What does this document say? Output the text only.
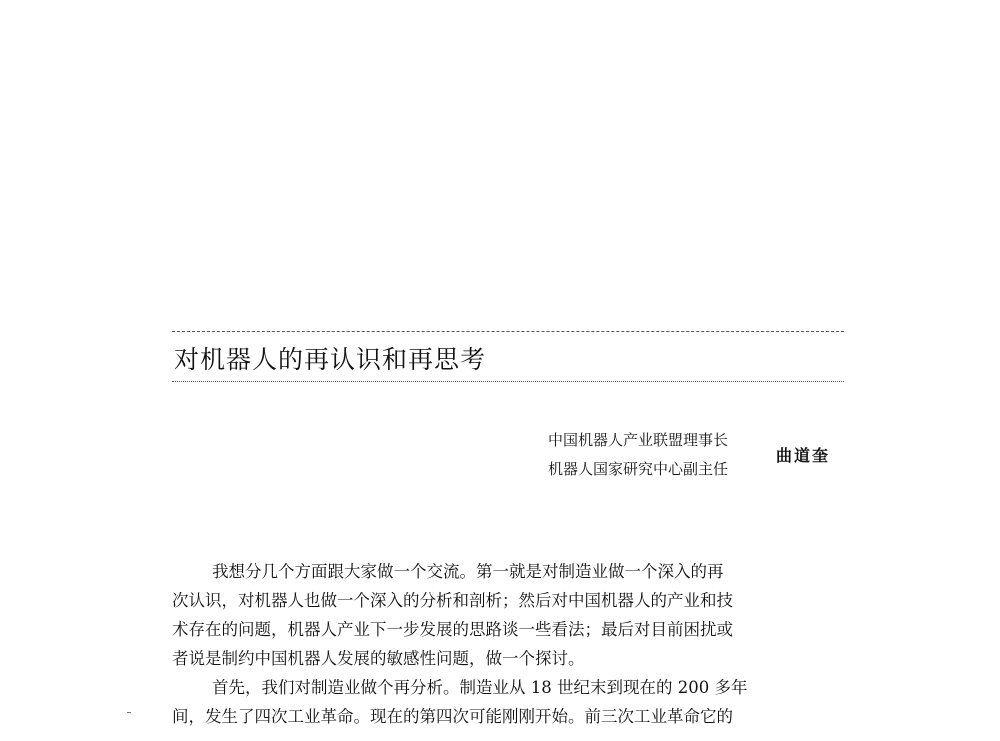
对机器人的再认识和再思考
中国机器人产业联盟理事长
机器人国家研究中心副主任
曲道奎
我想分几个方面跟大家做一个交流。第一就是对制造业做一个深入的再
次认识，对机器人也做一个深入的分析和剖析；然后对中国机器人的产业和技
术存在的问题，机器人产业下一步发展的思路谈一些看法；最后对目前困扰或
者说是制约中国机器人发展的敏感性问题，做一个探讨。
首先，我们对制造业做个再分析。制造业从 18 世纪末到现在的 200 多年
间，发生了四次工业革命。现在的第四次可能刚刚开始。前三次工业革命它的
